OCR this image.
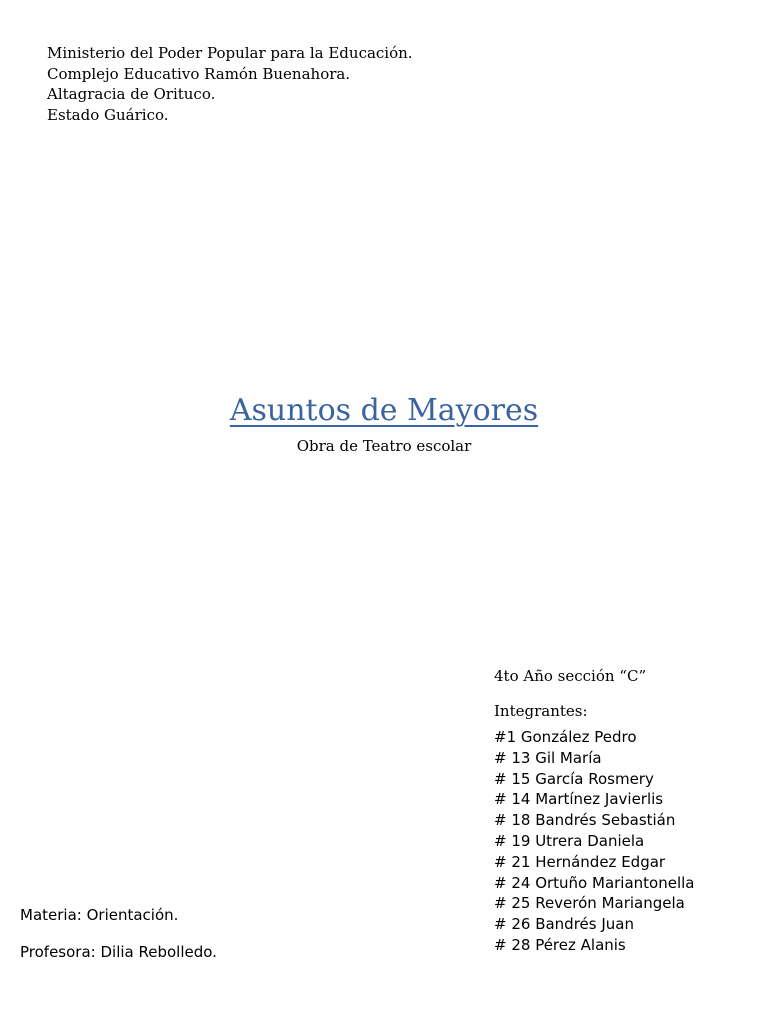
Ministerio del Poder Popular para la Educación.
Complejo Educativo Ramón Buenahora.
Altagracia de Orituco.
Estado Guárico.
Asuntos de Mayores
Obra de Teatro escolar
4to Año sección “C”
Integrantes:
#1 González Pedro
# 13 Gil María
# 15 García Rosmery
# 14 Martínez Javierlis
# 18 Bandrés Sebastián
# 19 Utrera Daniela
# 21 Hernández Edgar
# 24 Ortuño Mariantonella
# 25 Reverón Mariangela
# 26 Bandrés Juan
# 28 Pérez Alanis
Materia: Orientación.
Profesora: Dilia Rebolledo.
